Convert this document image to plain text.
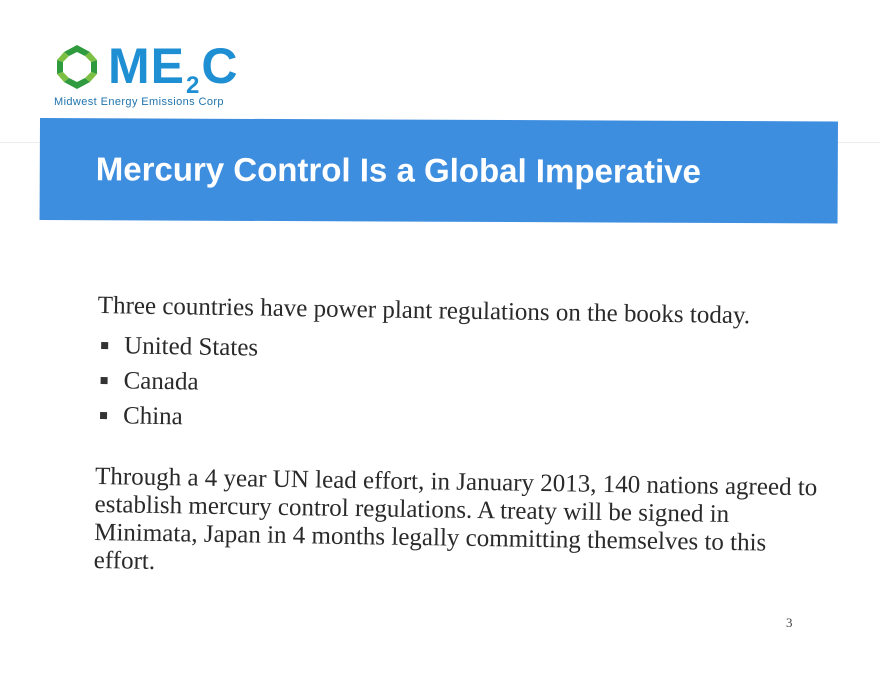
$ME_2C$
Midwest Energy Emissions Corp
Mercury Control Is a Global Imperative

Three countries have power plant regulations on the books today.

United States
Canada
China

Through a 4 year UN lead effort, in January 2013, 140 nations agreed to establish mercury control regulations. A treaty will be signed in Minimata, Japan in 4 months legally committing themselves to this effort.

3
